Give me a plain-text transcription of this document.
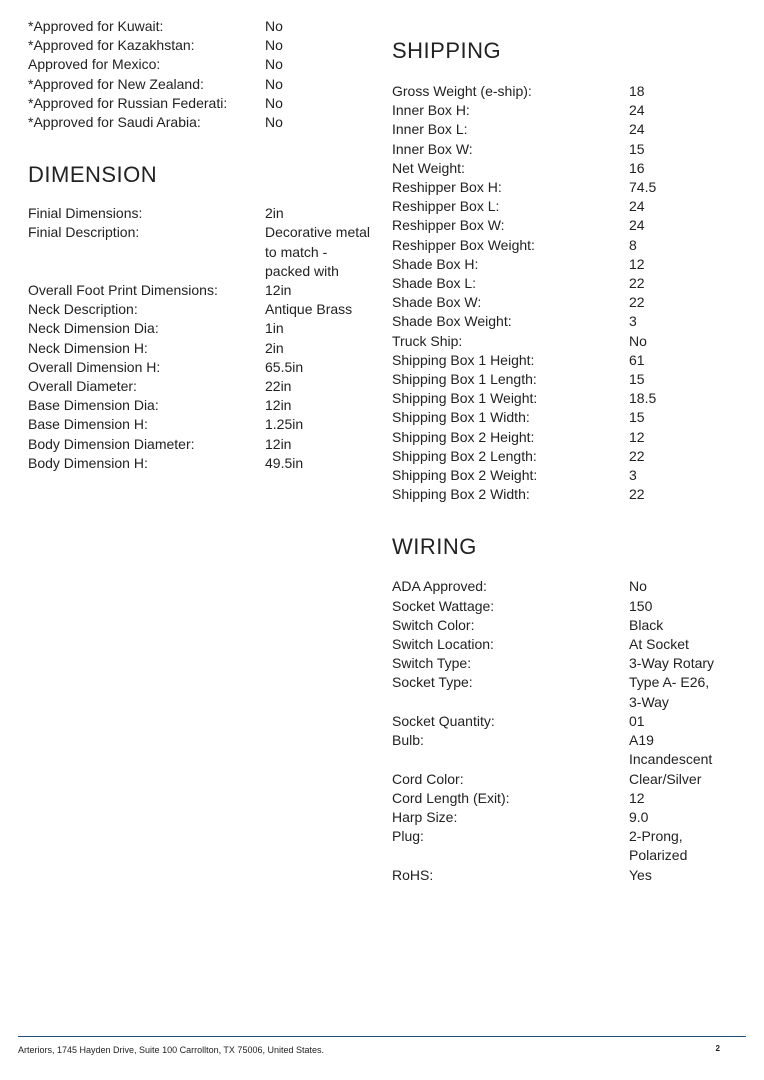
*Approved for Kuwait:	No
*Approved for Kazakhstan:	No
Approved for Mexico:	No
*Approved for New Zealand:	No
*Approved for Russian Federati:	No
*Approved for Saudi Arabia:	No
DIMENSION
Finial Dimensions:	2in
Finial Description:	Decorative metal to match - packed with
Overall Foot Print Dimensions:	12in
Neck Description:	Antique Brass
Neck Dimension Dia:	1in
Neck Dimension H:	2in
Overall Dimension H:	65.5in
Overall Diameter:	22in
Base Dimension Dia:	12in
Base Dimension H:	1.25in
Body Dimension Diameter:	12in
Body Dimension H:	49.5in
SHIPPING
Gross Weight (e-ship):	18
Inner Box H:	24
Inner Box L:	24
Inner Box W:	15
Net Weight:	16
Reshipper Box H:	74.5
Reshipper Box L:	24
Reshipper Box W:	24
Reshipper Box Weight:	8
Shade Box H:	12
Shade Box L:	22
Shade Box W:	22
Shade Box Weight:	3
Truck Ship:	No
Shipping Box 1 Height:	61
Shipping Box 1 Length:	15
Shipping Box 1 Weight:	18.5
Shipping Box 1 Width:	15
Shipping Box 2 Height:	12
Shipping Box 2 Length:	22
Shipping Box 2 Weight:	3
Shipping Box 2 Width:	22
WIRING
ADA Approved:	No
Socket Wattage:	150
Switch Color:	Black
Switch Location:	At Socket
Switch Type:	3-Way Rotary
Socket Type:	Type A- E26, 3-Way
Socket Quantity:	01
Bulb:	A19 Incandescent
Cord Color:	Clear/Silver
Cord Length (Exit):	12
Harp Size:	9.0
Plug:	2-Prong, Polarized
RoHS:	Yes
Arteriors, 1745 Hayden Drive, Suite 100 Carrollton, TX 75006, United States.	2
